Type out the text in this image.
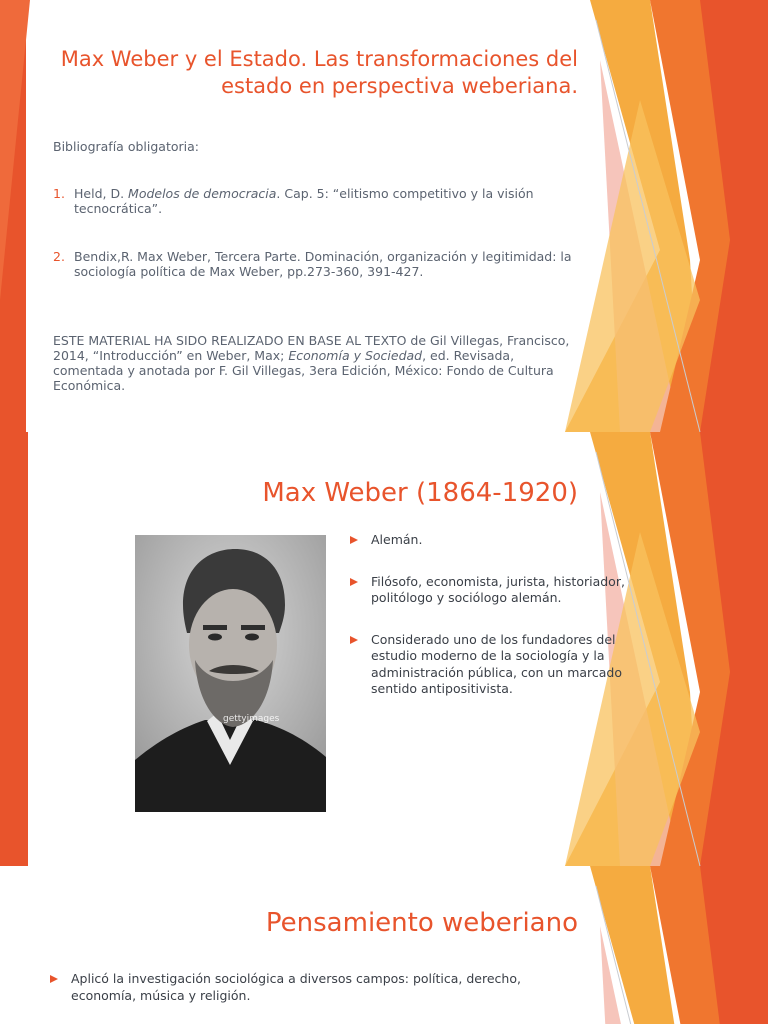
Max Weber y el Estado. Las transformaciones del estado en perspectiva weberiana.
Bibliografía obligatoria:
1. Held, D. Modelos de democracia. Cap. 5: “elitismo competitivo y la visión tecnocrática”.
2. Bendix,R. Max Weber, Tercera Parte. Dominación, organización y legitimidad: la sociología política de Max Weber, pp.273-360, 391-427.
ESTE MATERIAL HA SIDO REALIZADO EN BASE AL TEXTO de Gil Villegas, Francisco, 2014, “Introducción” en Weber, Max; Economía y Sociedad, ed. Revisada, comentada y anotada por F. Gil Villegas, 3era Edición, México: Fondo de Cultura Económica.
Max Weber (1864-1920)
gettyimages
Alemán.
Filósofo, economista, jurista, historiador, politólogo y sociólogo alemán.
Considerado uno de los fundadores del estudio moderno de la sociología y la administración pública, con un marcado sentido antipositivista.
Pensamiento weberiano
Aplicó la investigación sociológica a diversos campos: política, derecho, economía, música y religión.
